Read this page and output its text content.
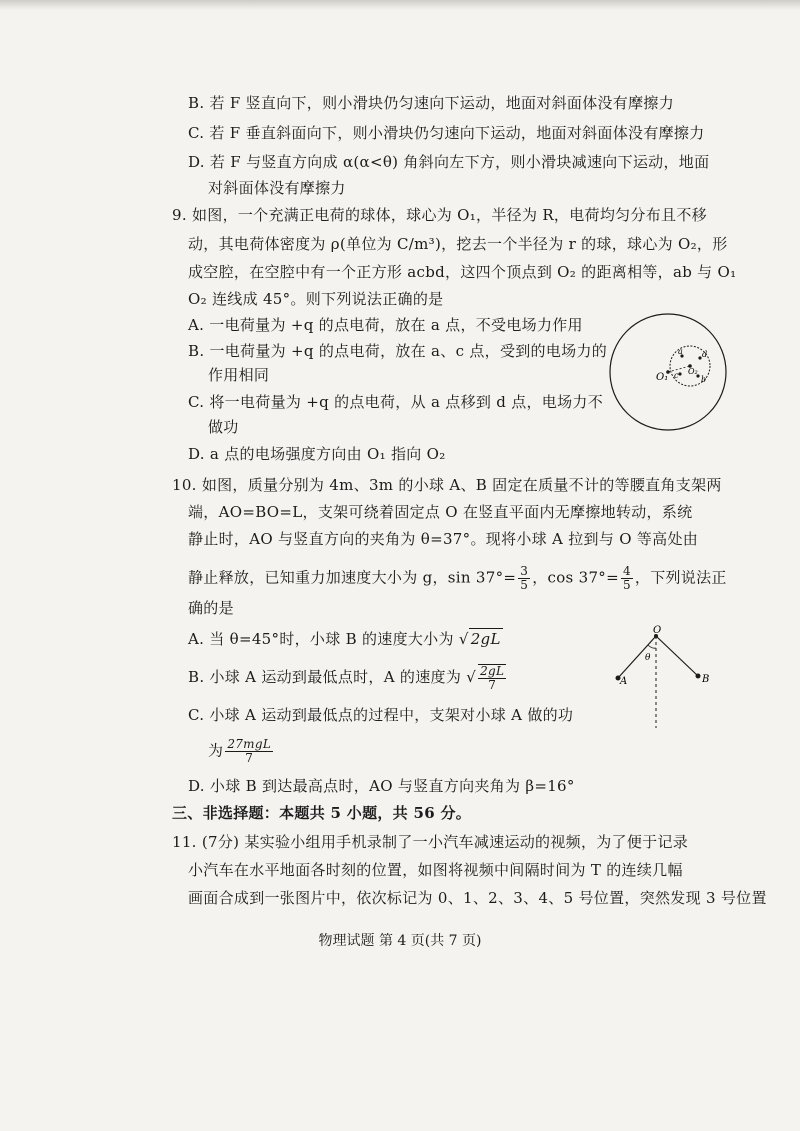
B. 若 F 竖直向下，则小滑块仍匀速向下运动，地面对斜面体没有摩擦力
C. 若 F 垂直斜面向下，则小滑块仍匀速向下运动，地面对斜面体没有摩擦力
D. 若 F 与竖直方向成 α(α<θ) 角斜向左下方，则小滑块减速向下运动，地面
对斜面体没有摩擦力
9. 如图，一个充满正电荷的球体，球心为 O₁，半径为 R，电荷均匀分布且不移
动，其电荷体密度为 ρ(单位为 C/m³)，挖去一个半径为 r 的球，球心为 O₂，形
成空腔，在空腔中有一个正方形 acbd，这四个顶点到 O₂ 的距离相等，ab 与 O₁
O₂ 连线成 45°。则下列说法正确的是
A. 一电荷量为 +q 的点电荷，放在 a 点，不受电场力作用
B. 一电荷量为 +q 的点电荷，放在 a、c 点，受到的电场力的
作用相同
C. 将一电荷量为 +q 的点电荷，从 a 点移到 d 点，电场力不
做功
D. a 点的电场强度方向由 O₁ 指向 O₂
O₁
O₂
a d
c	b
10. 如图，质量分别为 4m、3m 的小球 A、B 固定在质量不计的等腰直角支架两
端，AO=BO=L，支架可绕着固定点 O 在竖直平面内无摩擦地转动，系统
静止时，AO 与竖直方向的夹角为 θ=37°。现将小球 A 拉到与 O 等高处由
静止释放，已知重力加速度大小为 g，$\sin 37^\circ= \frac{3}{5}$ ，$\cos 37^\circ= \frac{4}{5}$ ，下列说法正
确的是
A. 当 θ=45°时，小球 B 的速度大小为 √ 2gL
B. 小球 A 运动到最低点时，A 的速度为 √ $\frac{2gL}{7}$
C. 小球 A 运动到最低点的过程中，支架对小球 A 做的功
为 $\frac{\text{27mgL}}{7}$
D. 小球 B 到达最高点时，AO 与竖直方向夹角为 β=16°
O
θ
A	B
三、非选择题：本题共 5 小题，共 56 分。
11. (7分) 某实验小组用手机录制了一小汽车减速运动的视频，为了便于记录
小汽车在水平地面各时刻的位置，如图将视频中间隔时间为 T 的连续几幅
画面合成到一张图片中，依次标记为 0、1、2、3、4、5 号位置，突然发现 3 号位置
物理试题 第 4 页(共 7 页)
